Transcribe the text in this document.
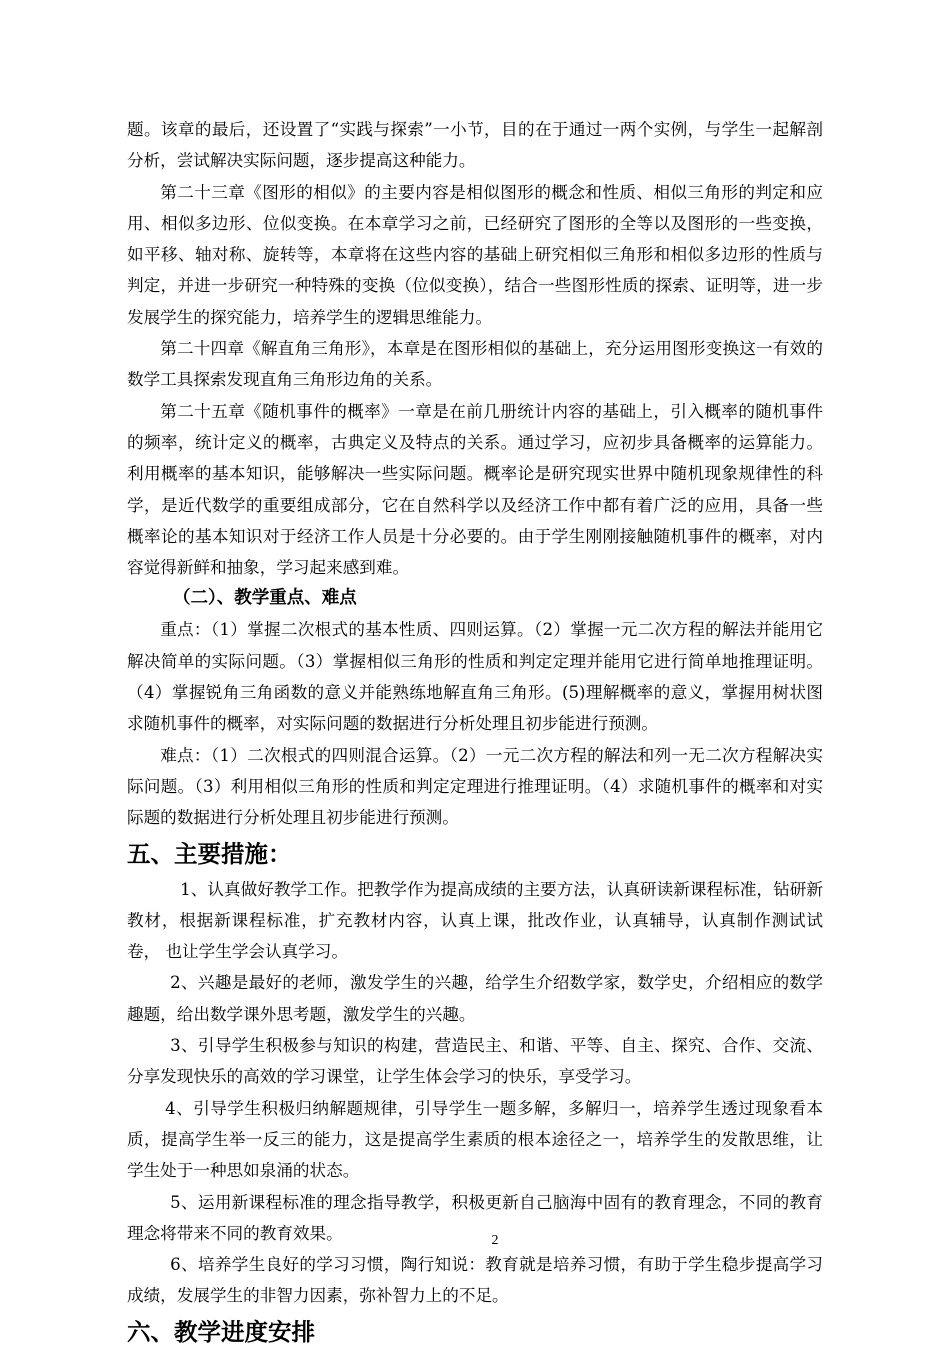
题。该章的最后，还设置了“实践与探索”一小节，目的在于通过一两个实例，与学生一起解剖分析，尝试解决实际问题，逐步提高这种能力。

第二十三章《图形的相似》的主要内容是相似图形的概念和性质、相似三角形的判定和应用、相似多边形、位似变换。在本章学习之前，已经研究了图形的全等以及图形的一些变换，如平移、轴对称、旋转等，本章将在这些内容的基础上研究相似三角形和相似多边形的性质与判定，并进一步研究一种特殊的变换（位似变换），结合一些图形性质的探索、证明等，进一步发展学生的探究能力，培养学生的逻辑思维能力。

第二十四章《解直角三角形》，本章是在图形相似的基础上，充分运用图形变换这一有效的数学工具探索发现直角三角形边角的关系。

第二十五章《随机事件的概率》一章是在前几册统计内容的基础上，引入概率的随机事件的频率，统计定义的概率，古典定义及特点的关系。通过学习，应初步具备概率的运算能力。利用概率的基本知识，能够解决一些实际问题。概率论是研究现实世界中随机现象规律性的科学，是近代数学的重要组成部分，它在自然科学以及经济工作中都有着广泛的应用，具备一些概率论的基本知识对于经济工作人员是十分必要的。由于学生刚刚接触随机事件的概率，对内容觉得新鲜和抽象，学习起来感到难。

（二）、教学重点、难点

重点：（1）掌握二次根式的基本性质、四则运算。（2）掌握一元二次方程的解法并能用它解决简单的实际问题。（3）掌握相似三角形的性质和判定定理并能用它进行简单地推理证明。（4）掌握锐角三角函数的意义并能熟练地解直角三角形。(5)理解概率的意义，掌握用树状图求随机事件的概率，对实际问题的数据进行分析处理且初步能进行预测。

难点：（1）二次根式的四则混合运算。（2）一元二次方程的解法和列一无二次方程解决实际问题。（3）利用相似三角形的性质和判定定理进行推理证明。（4）求随机事件的概率和对实际题的数据进行分析处理且初步能进行预测。

五、主要措施：

1、认真做好教学工作。把教学作为提高成绩的主要方法，认真研读新课程标准，钻研新教材，根据新课程标准，扩充教材内容，认真上课，批改作业，认真辅导，认真制作测试试卷， 也让学生学会认真学习。

2、兴趣是最好的老师，激发学生的兴趣，给学生介绍数学家，数学史，介绍相应的数学趣题，给出数学课外思考题，激发学生的兴趣。

3、引导学生积极参与知识的构建，营造民主、和谐、平等、自主、探究、合作、交流、分享发现快乐的高效的学习课堂，让学生体会学习的快乐，享受学习。

4、引导学生积极归纳解题规律，引导学生一题多解，多解归一，培养学生透过现象看本质，提高学生举一反三的能力，这是提高学生素质的根本途径之一，培养学生的发散思维，让学生处于一种思如泉涌的状态。

5、运用新课程标准的理念指导教学，积极更新自己脑海中固有的教育理念，不同的教育理念将带来不同的教育效果。

6、培养学生良好的学习习惯，陶行知说：教育就是培养习惯，有助于学生稳步提高学习成绩，发展学生的非智力因素，弥补智力上的不足。

六、教学进度安排

2
